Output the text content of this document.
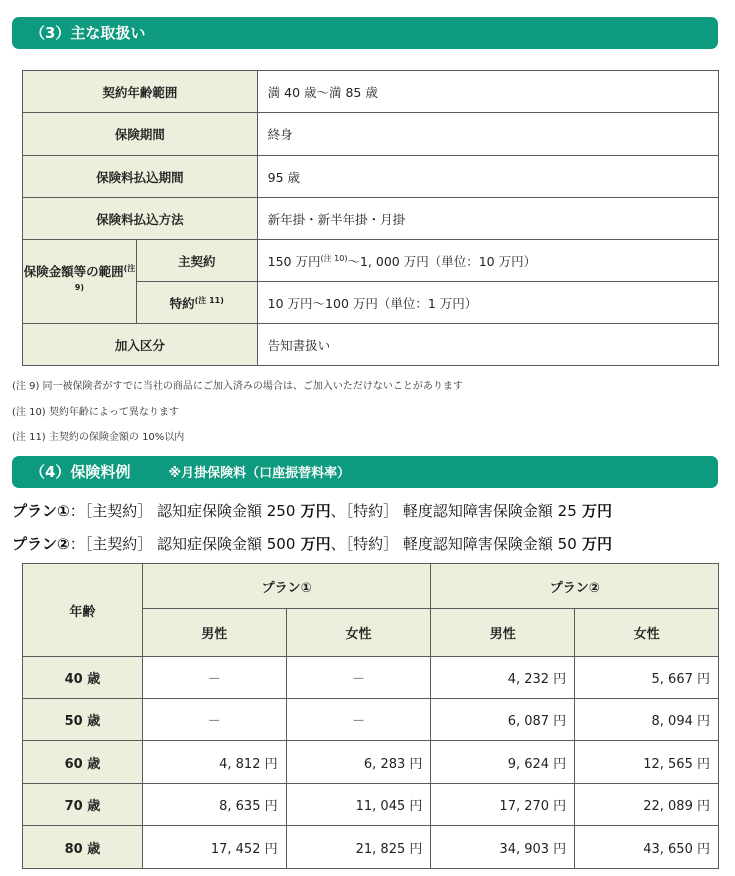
（3）主な取扱い
契約年齢範囲		満 40 歳～満 85 歳
保険期間		終身
保険料払込期間		95 歳
保険料払込方法		新年掛・新半年掛・月掛
保険金額等の範囲$^{(注 9)}$	主契約	150 万円$^{(注 10)}$～1, 000 万円（単位：10 万円）
	特約$^{(注 11)}$	10 万円～100 万円（単位：1 万円）
加入区分		告知書扱い
(注 9) 同一被保険者がすでに当社の商品にご加入済みの場合は、ご加入いただけないことがあります
(注 10) 契約年齢によって異なります
(注 11) 主契約の保険金額の 10%以内
（4）保険料例	※月掛保険料（口座振替料率）
プラン①：［主契約］ 認知症保険金額 250 万円、［特約］ 軽度認知障害保険金額 25 万円
プラン②：［主契約］ 認知症保険金額 500 万円、［特約］ 軽度認知障害保険金額 50 万円
年齢	プラン①		プラン②	
	男性	女性	男性	女性
40 歳	－	－	4, 232 円	5, 667 円
50 歳	－	－	6, 087 円	8, 094 円
60 歳	4, 812 円	6, 283 円	9, 624 円	12, 565 円
70 歳	8, 635 円	11, 045 円	17, 270 円	22, 089 円
80 歳	17, 452 円	21, 825 円	34, 903 円	43, 650 円
